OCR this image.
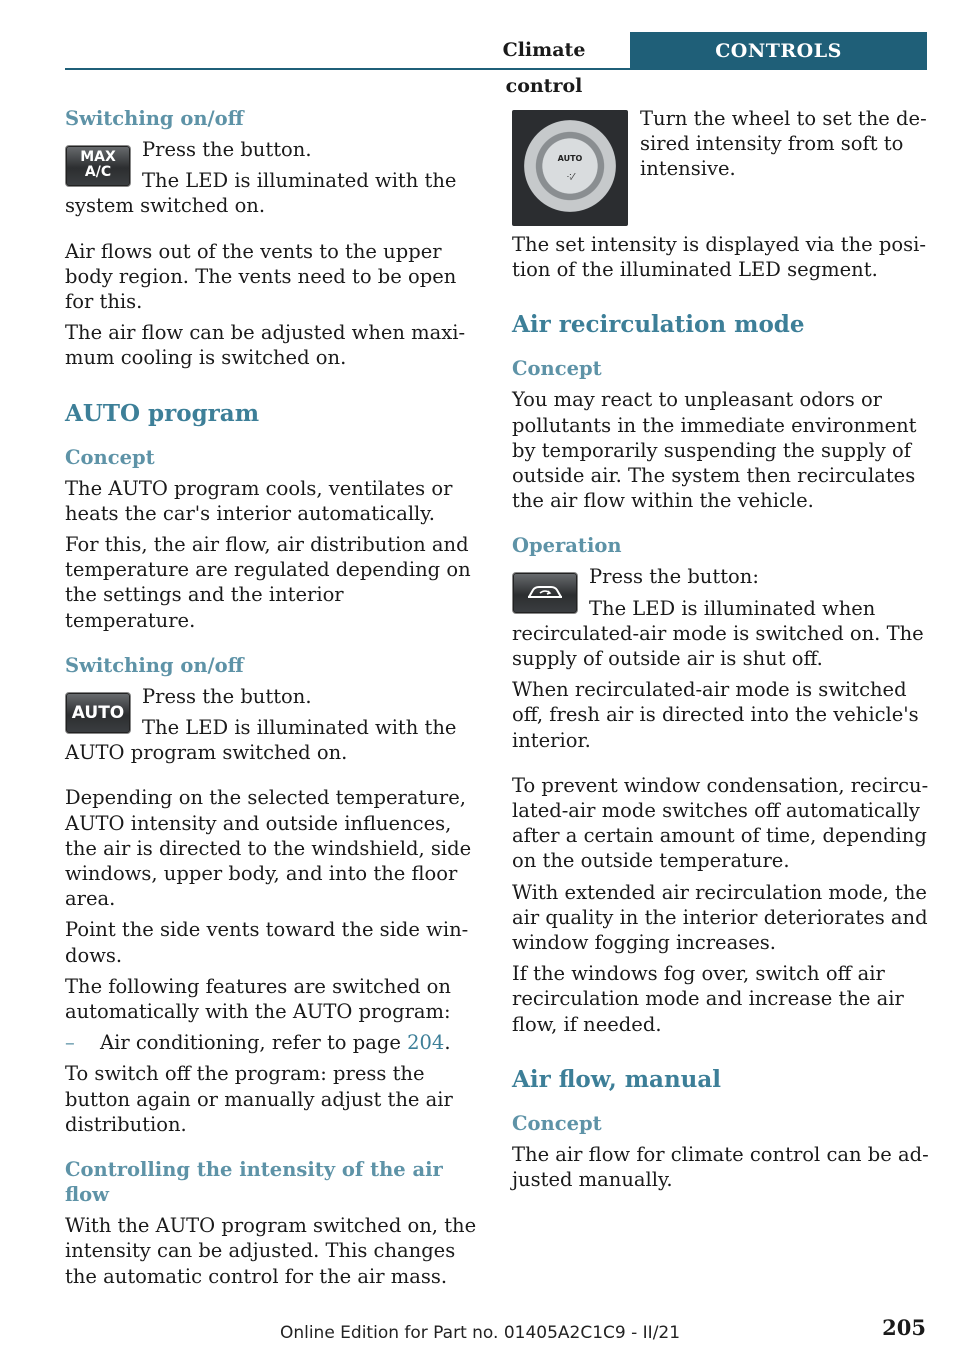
Climate control
CONTROLS
Switching on/off
MAX
A/C

Press the button.

The LED is illuminated with the system switched on.

Air flows out of the vents to the upper body region. The vents need to be open for this.

The air flow can be adjusted when maximum cooling is switched on.

AUTO program
Concept

The AUTO program cools, ventilates or heats the car's interior automatically.

For this, the air flow, air distribution and temperature are regulated depending on the settings and the interior temperature.

Switching on/off
AUTO

Press the button.

The LED is illuminated with the AUTO program switched on.

Depending on the selected temperature, AUTO intensity and outside influences, the air is directed to the windshield, side windows, upper body, and into the floor area.

Point the side vents toward the side windows.

The following features are switched on automatically with the AUTO program:

– Air conditioning, refer to page 204.

To switch off the program: press the button again or manually adjust the air distribution.

Controlling the intensity of the air flow

With the AUTO program switched on, the intensity can be adjusted. This changes the automatic control for the air mass.

AUTO
⁖⁄

Turn the wheel to set the desired intensity from soft to intensive.

The set intensity is displayed via the position of the illuminated LED segment.

Air recirculation mode
Concept

You may react to unpleasant odors or pollutants in the immediate environment by temporarily suspending the supply of outside air. The system then recirculates the air flow within the vehicle.

Operation

Press the button:

The LED is illuminated when recirculated-air mode is switched on. The supply of outside air is shut off.

When recirculated-air mode is switched off, fresh air is directed into the vehicle's interior.

To prevent window condensation, recirculated-air mode switches off automatically after a certain amount of time, depending on the outside temperature.

With extended air recirculation mode, the air quality in the interior deteriorates and window fogging increases.

If the windows fog over, switch off air recirculation mode and increase the air flow, if needed.

Air flow, manual
Concept

The air flow for climate control can be adjusted manually.

205
Online Edition for Part no. 01405A2C1C9 - II/21
